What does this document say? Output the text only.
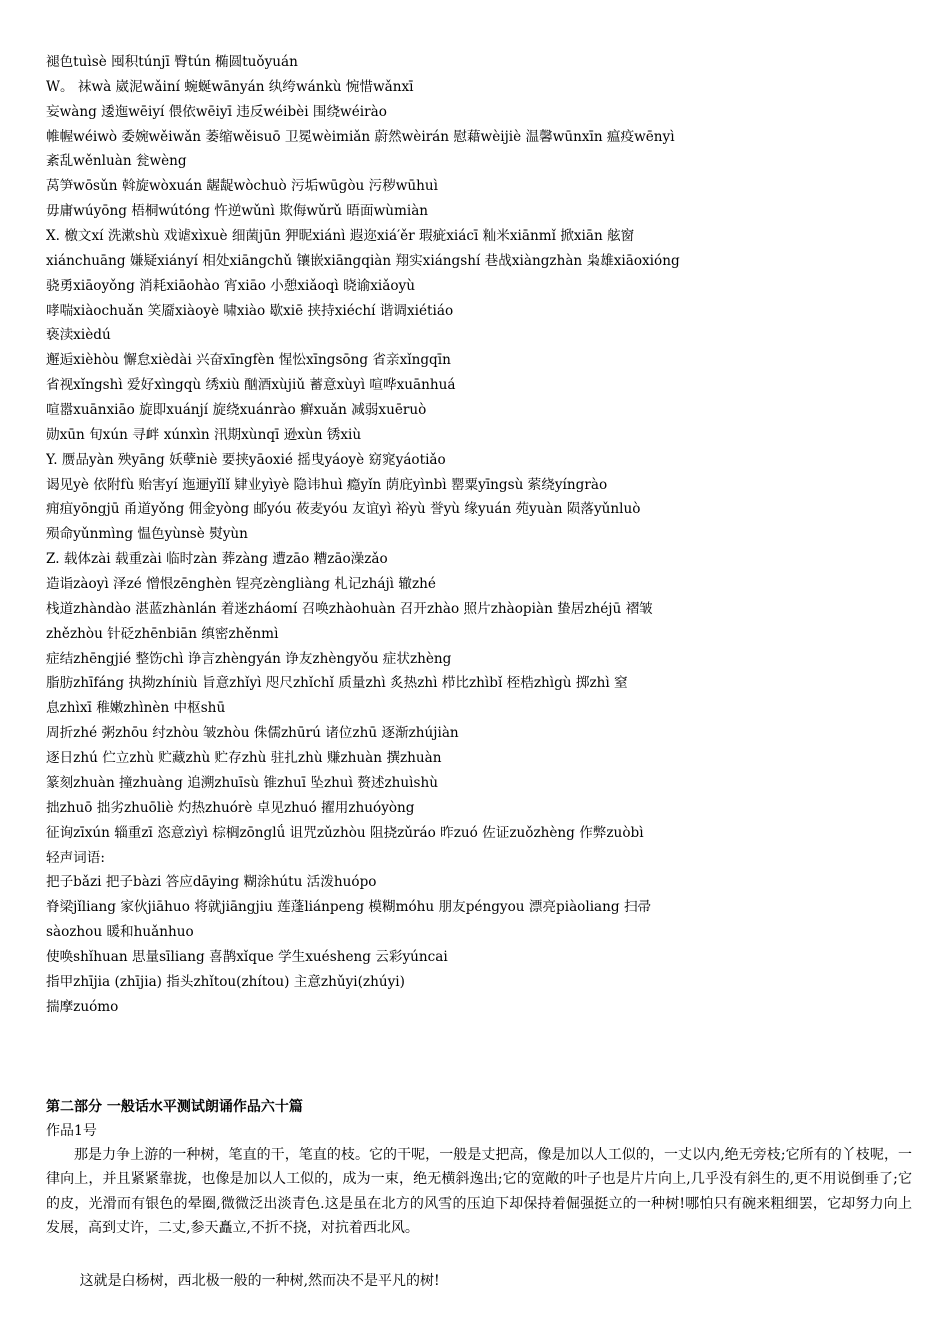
褪色tuìsè 囤积túnjī 臀tún 椭圆tuǒyuán
W。 袜wà 崴泥wǎiní 蜿蜒wānyán 纨绔wánkù 惋惜wǎnxī
妄wàng 逶迤wēiyí 偎依wēiyī 违反wéibèi 围绕wéirào
帷幄wéiwò 委婉wěiwǎn 萎缩wěisuō 卫冕wèimiǎn 蔚然wèirán 慰藉wèijiè 温馨wūnxīn 瘟疫wēnyì
紊乱wěnluàn 瓮wèng
莴笋wōsǔn 斡旋wòxuán 龌龊wòchuò 污垢wūgòu 污秽wūhuì
毋庸wúyōng 梧桐wútóng 忤逆wǔnì 欺侮wǔrǔ 晤面wùmiàn
X. 檄文xí 洗漱shù 戏谑xìxuè 细菌jūn 狎昵xiánì 遐迩xiá′ěr 瑕疵xiácī 籼米xiānmǐ 掀xiān 舷窗
xiánchuāng 嫌疑xiányí 相处xiāngchǔ 镶嵌xiāngqiàn 翔实xiángshí 巷战xiàngzhàn 枭雄xiāoxióng
骁勇xiāoyǒng 消耗xiāohào 宵xiāo 小憩xiǎoqì 晓谕xiǎoyù
哮喘xiàochuǎn 笑靥xiàoyè 啸xiào 歇xiē 挟持xiéchí 谐调xiétiáo
亵渎xièdú
邂逅xièhòu 懈怠xièdài 兴奋xīngfèn 惺忪xīngsōng 省亲xǐngqīn
省视xǐngshì 爱好xìngqù 绣xiù 酗酒xùjiǔ 蓄意xùyì 喧哗xuānhuá
喧嚣xuānxiāo 旋即xuánjí 旋绕xuánrào 癣xuǎn 减弱xuēruò
勋xūn 旬xún 寻衅 xúnxìn 汛期xùnqī 逊xùn 锈xiù
Y. 赝品yàn 殃yāng 妖孽niè 要挟yāoxié 摇曳yáoyè 窈窕yáotiǎo
谒见yè 依附fù 贻害yí 迤逦yǐlǐ 肄业yìyè 隐讳huì 瘾yǐn 荫庇yìnbì 罂粟yīngsù 萦绕yíngrào
痈疽yōngjū 甬道yǒng 佣金yòng 邮yóu 莜麦yóu 友谊yì 裕yù 誉yù 缘yuán 苑yuàn 陨落yǔnluò
殒命yǔnmìng 愠色yùnsè 熨yùn
Z. 载体zài 载重zài 临时zàn 葬zàng 遭zāo 糟zāo澡zǎo
造诣zàoyì 泽zé 憎恨zēnghèn 锃亮zèngliàng 札记zhájì 辙zhé
栈道zhàndào 湛蓝zhànlán 着迷zháomí 召唤zhàohuàn 召开zhào 照片zhàopiàn 蛰居zhéjū 褶皱
zhězhòu 针砭zhēnbiān 缜密zhěnmì
症结zhēngjié 整饬chì 诤言zhèngyán 诤友zhèngyǒu 症状zhèng
脂肪zhīfáng 执拗zhíniù 旨意zhǐyì 咫尺zhǐchǐ 质量zhì 炙热zhì 栉比zhìbǐ 桎梏zhìgù 掷zhì 窒
息zhìxī 稚嫩zhìnèn 中枢shū
周折zhé 粥zhōu 纣zhòu 皱zhòu 侏儒zhūrú 诸位zhū 逐渐zhújiàn
逐日zhú 伫立zhù 贮藏zhù 贮存zhù 驻扎zhù 赚zhuàn 撰zhuàn
篆刻zhuàn 撞zhuàng 追溯zhuīsù 锥zhuī 坠zhuì 赘述zhuìshù
拙zhuō 拙劣zhuōliè 灼热zhuórè 卓见zhuó 擢用zhuóyòng
征询zīxún 辎重zī 恣意zìyì 棕榈zōnglǘ 诅咒zǔzhòu 阻挠zǔráo 昨zuó 佐证zuǒzhèng 作弊zuòbì
轻声词语:
把子bǎzi 把子bàzi 答应dāying 糊涂hútu 活泼huópo
脊梁jǐliang 家伙jiāhuo 将就jiāngjiu 莲蓬liánpeng 模糊móhu 朋友péngyou 漂亮piàoliang 扫帚
sàozhou 暖和huǎnhuo
使唤shǐhuan 思量sīliang 喜鹊xǐque 学生xuésheng 云彩yúncai
指甲zhījia (zhījia) 指头zhǐtou(zhítou) 主意zhǔyi(zhúyi)
揣摩zuómo
第二部分 一般话水平测试朗诵作品六十篇
作品1号

那是力争上游的一种树，笔直的干，笔直的枝。它的干呢，一般是丈把高，像是加以人工似的，一丈以内,绝无旁枝;它所有的丫枝呢，一律向上，并且紧紧靠拢，也像是加以人工似的，成为一束，绝无横斜逸出;它的宽敞的叶子也是片片向上,几乎没有斜生的,更不用说倒垂了;它的皮，光滑而有银色的晕圈,微微泛出淡青色.这是虽在北方的风雪的压迫下却保持着倔强挺立的一种树!哪怕只有碗来粗细罢，它却努力向上发展，高到丈许，二丈,参天矗立,不折不挠，对抗着西北风。

这就是白杨树，西北极一般的一种树,然而决不是平凡的树!
